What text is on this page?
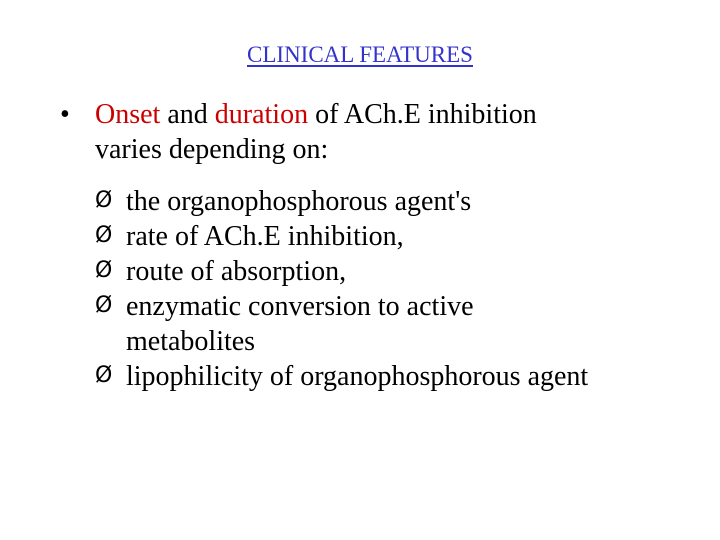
CLINICAL FEATURES
• Onset and duration of ACh.E inhibition
varies depending on:
Ø the organophosphorous agent's
Ø rate of ACh.E inhibition,
Ø route of absorption,
Ø enzymatic conversion to active
metabolites
Ø lipophilicity of organophosphorous agent
